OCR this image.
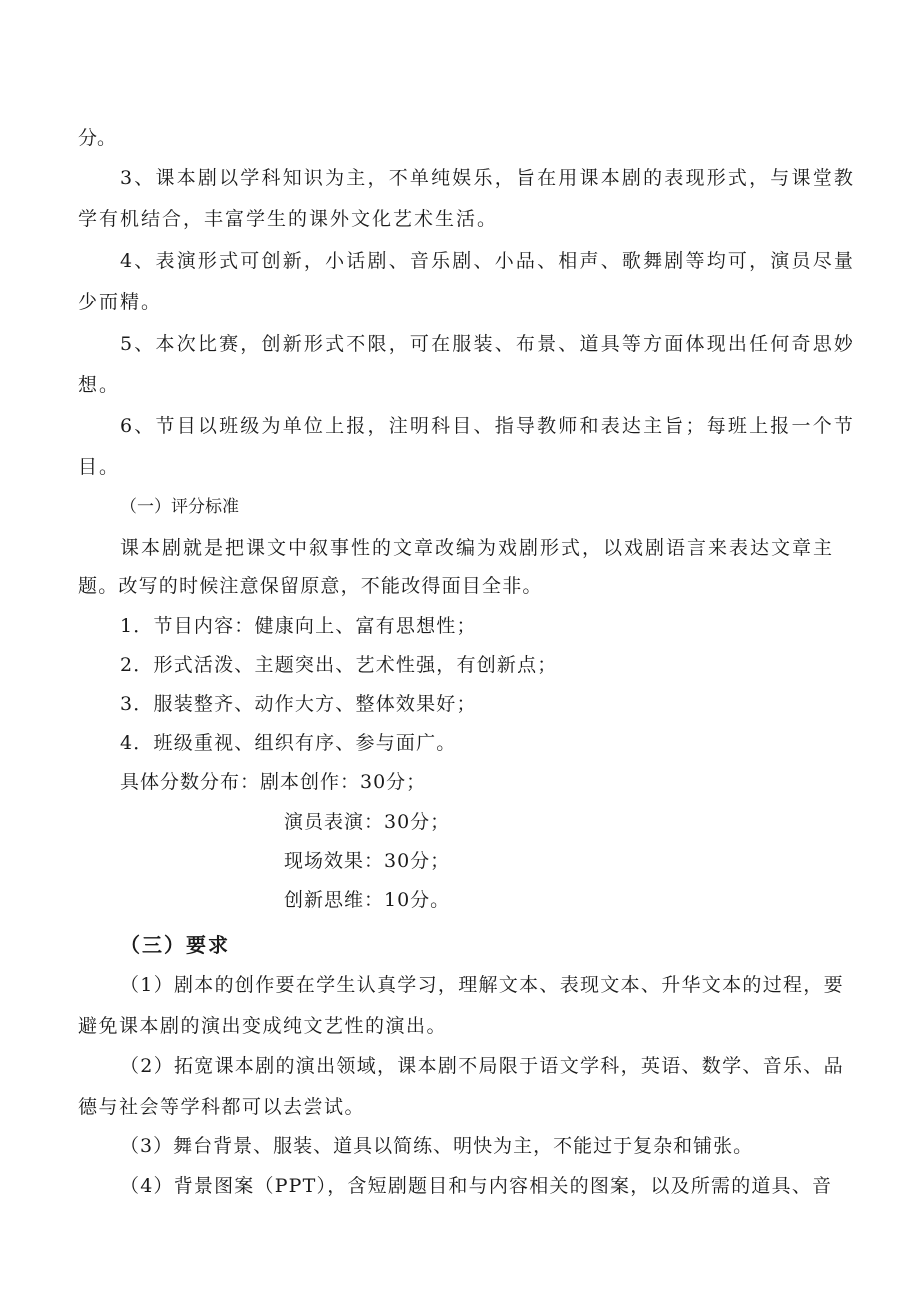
分。

3、课本剧以学科知识为主，不单纯娱乐，旨在用课本剧的表现形式，与课堂教

学有机结合，丰富学生的课外文化艺术生活。

4、表演形式可创新，小话剧、音乐剧、小品、相声、歌舞剧等均可，演员尽量

少而精。

5、本次比赛，创新形式不限，可在服装、布景、道具等方面体现出任何奇思妙

想。

6、节目以班级为单位上报，注明科目、指导教师和表达主旨；每班上报一个节

目。

（一）评分标准

课本剧就是把课文中叙事性的文章改编为戏剧形式，以戏剧语言来表达文章主

题。改写的时候注意保留原意，不能改得面目全非。

1．节目内容：健康向上、富有思想性；

2．形式活泼、主题突出、艺术性强，有创新点；

3．服装整齐、动作大方、整体效果好；

4．班级重视、组织有序、参与面广。

具体分数分布：剧本创作：30分；

演员表演：30分；

现场效果：30分；

创新思维：10分。

（三）要求

（1）剧本的创作要在学生认真学习，理解文本、表现文本、升华文本的过程，要

避免课本剧的演出变成纯文艺性的演出。

（2）拓宽课本剧的演出领域，课本剧不局限于语文学科，英语、数学、音乐、品

德与社会等学科都可以去尝试。

（3）舞台背景、服装、道具以简练、明快为主，不能过于复杂和铺张。

（4）背景图案（PPT），含短剧题目和与内容相关的图案，以及所需的道具、音
